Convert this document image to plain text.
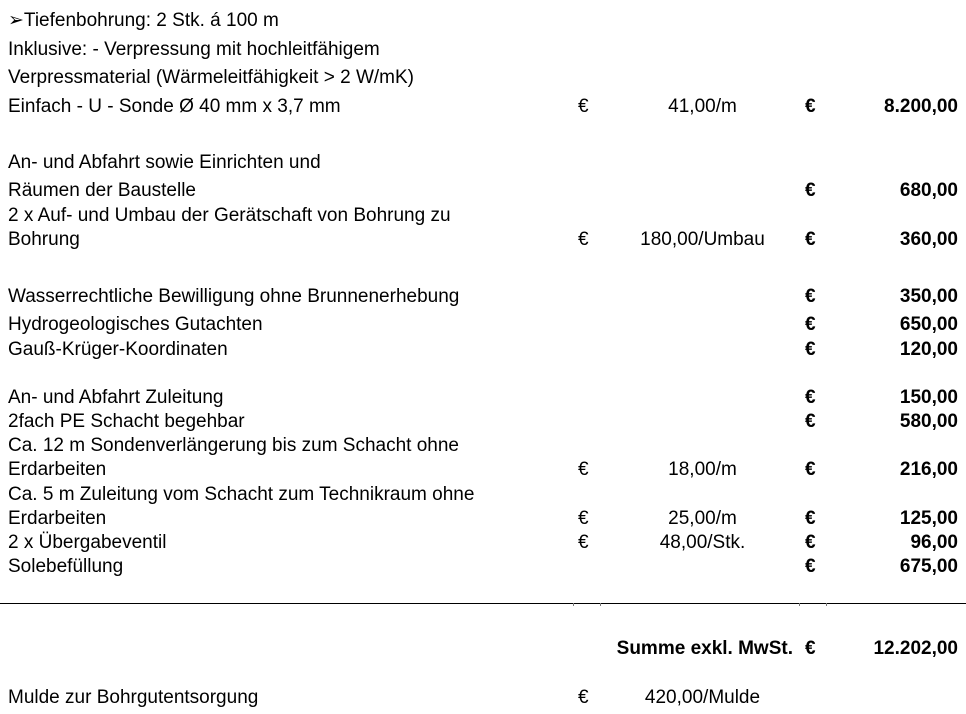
➢Tiefenbohrung: 2 Stk. á 100 m
Inklusive: - Verpressung mit hochleitfähigem
Verpressmaterial (Wärmeleitfähigkeit > 2 W/mK)
Einfach - U - Sonde Ø 40 mm x 3,7 mm	€	41,00/m	€	8.200,00
An- und Abfahrt sowie Einrichten und
Räumen der Baustelle	€	680,00
2 x Auf- und Umbau der Gerätschaft von Bohrung zu
Bohrung	€	180,00/Umbau	€	360,00
Wasserrechtliche Bewilligung ohne Brunnenerhebung	€	350,00
Hydrogeologisches Gutachten	€	650,00
Gauß-Krüger-Koordinaten	€	120,00
An- und Abfahrt Zuleitung	€	150,00
2fach PE Schacht begehbar	€	580,00
Ca. 12 m Sondenverlängerung bis zum Schacht ohne
Erdarbeiten	€	18,00/m	€	216,00
Ca. 5 m Zuleitung vom Schacht zum Technikraum ohne
Erdarbeiten	€	25,00/m	€	125,00
2 x Übergabeventil	€	48,00/Stk.	€	96,00
Solebefüllung	€	675,00
Summe exkl. MwSt. €	12.202,00
Mulde zur Bohrgutentsorgung	€	420,00/Mulde
